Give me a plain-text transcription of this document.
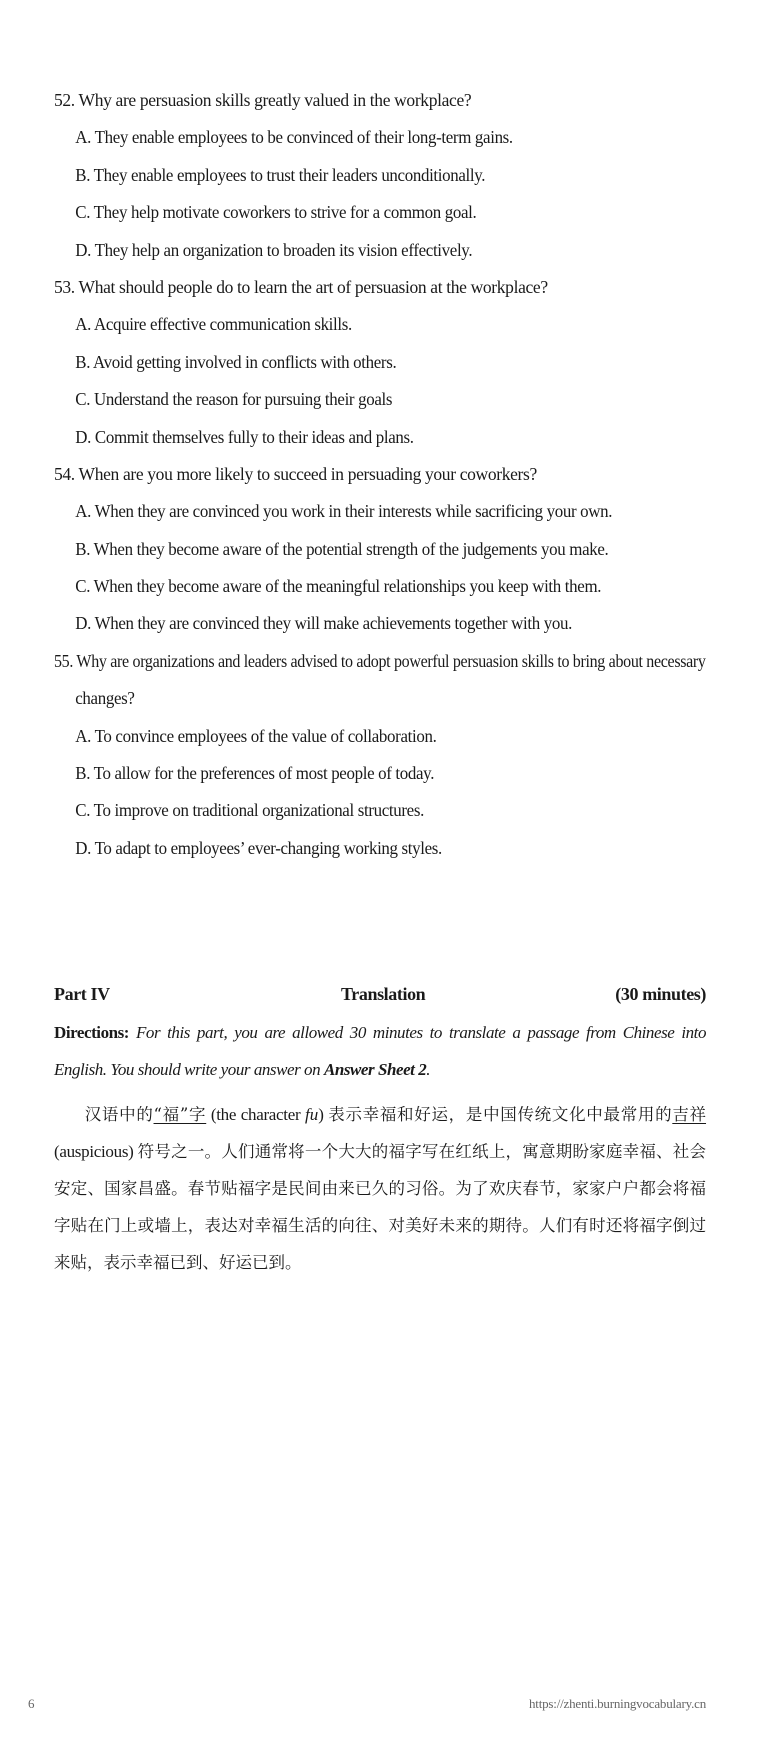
52. Why are persuasion skills greatly valued in the workplace?
A. They enable employees to be convinced of their long-term gains.
B. They enable employees to trust their leaders unconditionally.
C. They help motivate coworkers to strive for a common goal.
D. They help an organization to broaden its vision effectively.
53. What should people do to learn the art of persuasion at the workplace?
A. Acquire effective communication skills.
B. Avoid getting involved in conflicts with others.
C. Understand the reason for pursuing their goals
D. Commit themselves fully to their ideas and plans.
54. When are you more likely to succeed in persuading your coworkers?
A. When they are convinced you work in their interests while sacrificing your own.
B. When they become aware of the potential strength of the judgements you make.
C. When they become aware of the meaningful relationships you keep with them.
D. When they are convinced they will make achievements together with you.
55. Why are organizations and leaders advised to adopt powerful persuasion skills to bring about necessary
changes?
A. To convince employees of the value of collaboration.
B. To allow for the preferences of most people of today.
C. To improve on traditional organizational structures.
D. To adapt to employees’ ever-changing working styles.
Part IV	Translation	(30 minutes)
Directions: For this part, you are allowed 30 minutes to translate a passage from Chinese into English. You should write your answer on Answer Sheet 2.
汉语中的“福”字 (the character fu) 表示幸福和好运，是中国传统文化中最常用的吉祥 (auspicious) 符号之一。人们通常将一个大大的福字写在红纸上，寓意期盼家庭幸福、社会安定、国家昌盛。春节贴福字是民间由来已久的习俗。为了欢庆春节，家家户户都会将福字贴在门上或墙上，表达对幸福生活的向往、对美好未来的期待。人们有时还将福字倒过来贴，表示幸福已到、好运已到。
6	https://zhenti.burningvocabulary.cn
